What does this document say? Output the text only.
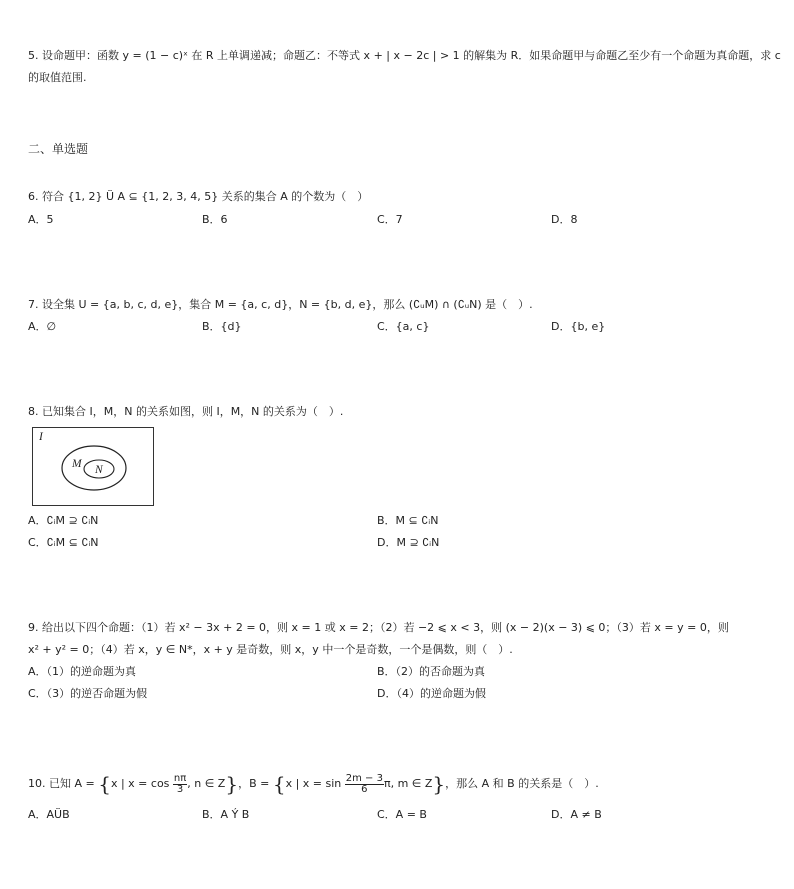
5. 设命题甲：函数 y = (1 − c)ˣ 在 R 上单调递减；命题乙：不等式 x + | x − 2c | > 1 的解集为 R．如果命题甲与命题乙至少有一个命题为真命题，求 c
的取值范围.
二、单选题
6. 符合 {1, 2} Ü A ⊆ {1, 2, 3, 4, 5} 关系的集合 A 的个数为（　）
A．5	B．6	C．7	D．8
7. 设全集 U = {a, b, c, d, e}，集合 M = {a, c, d}，N = {b, d, e}，那么 (∁ᵤM) ∩ (∁ᵤN) 是（　）.
A．∅	B．{d}	C．{a, c}	D．{b, e}
8. 已知集合 I，M，N 的关系如图，则 I，M，N 的关系为（　）.
I
M N
A．∁ᵢM ⊇ ∁ᵢN	B．M ⊆ ∁ᵢN
C．∁ᵢM ⊆ ∁ᵢN	D．M ⊇ ∁ᵢN
9. 给出以下四个命题：（1）若 x² − 3x + 2 = 0，则 x = 1 或 x = 2；（2）若 −2 ⩽ x < 3，则 (x − 2)(x − 3) ⩽ 0；（3）若 x = y = 0，则
x² + y² = 0；（4）若 x，y ∈ N*，x + y 是奇数，则 x，y 中一个是奇数，一个是偶数，则（　）.
A．（1）的逆命题为真	B．（2）的否命题为真
C．（3）的逆否命题为假	D．（4）的逆命题为假
10. 已知 A = {x | $x = \cos \frac{n\pi}{3}$ , n ∈ Z}，B = {x | $x = \sin \frac{2m - 3}{6} \pi$, m ∈ Z}，那么 A 和 B 的关系是（　）.
A．AÜB	B．A Ý B	C．A = B	D．A ≠ B
